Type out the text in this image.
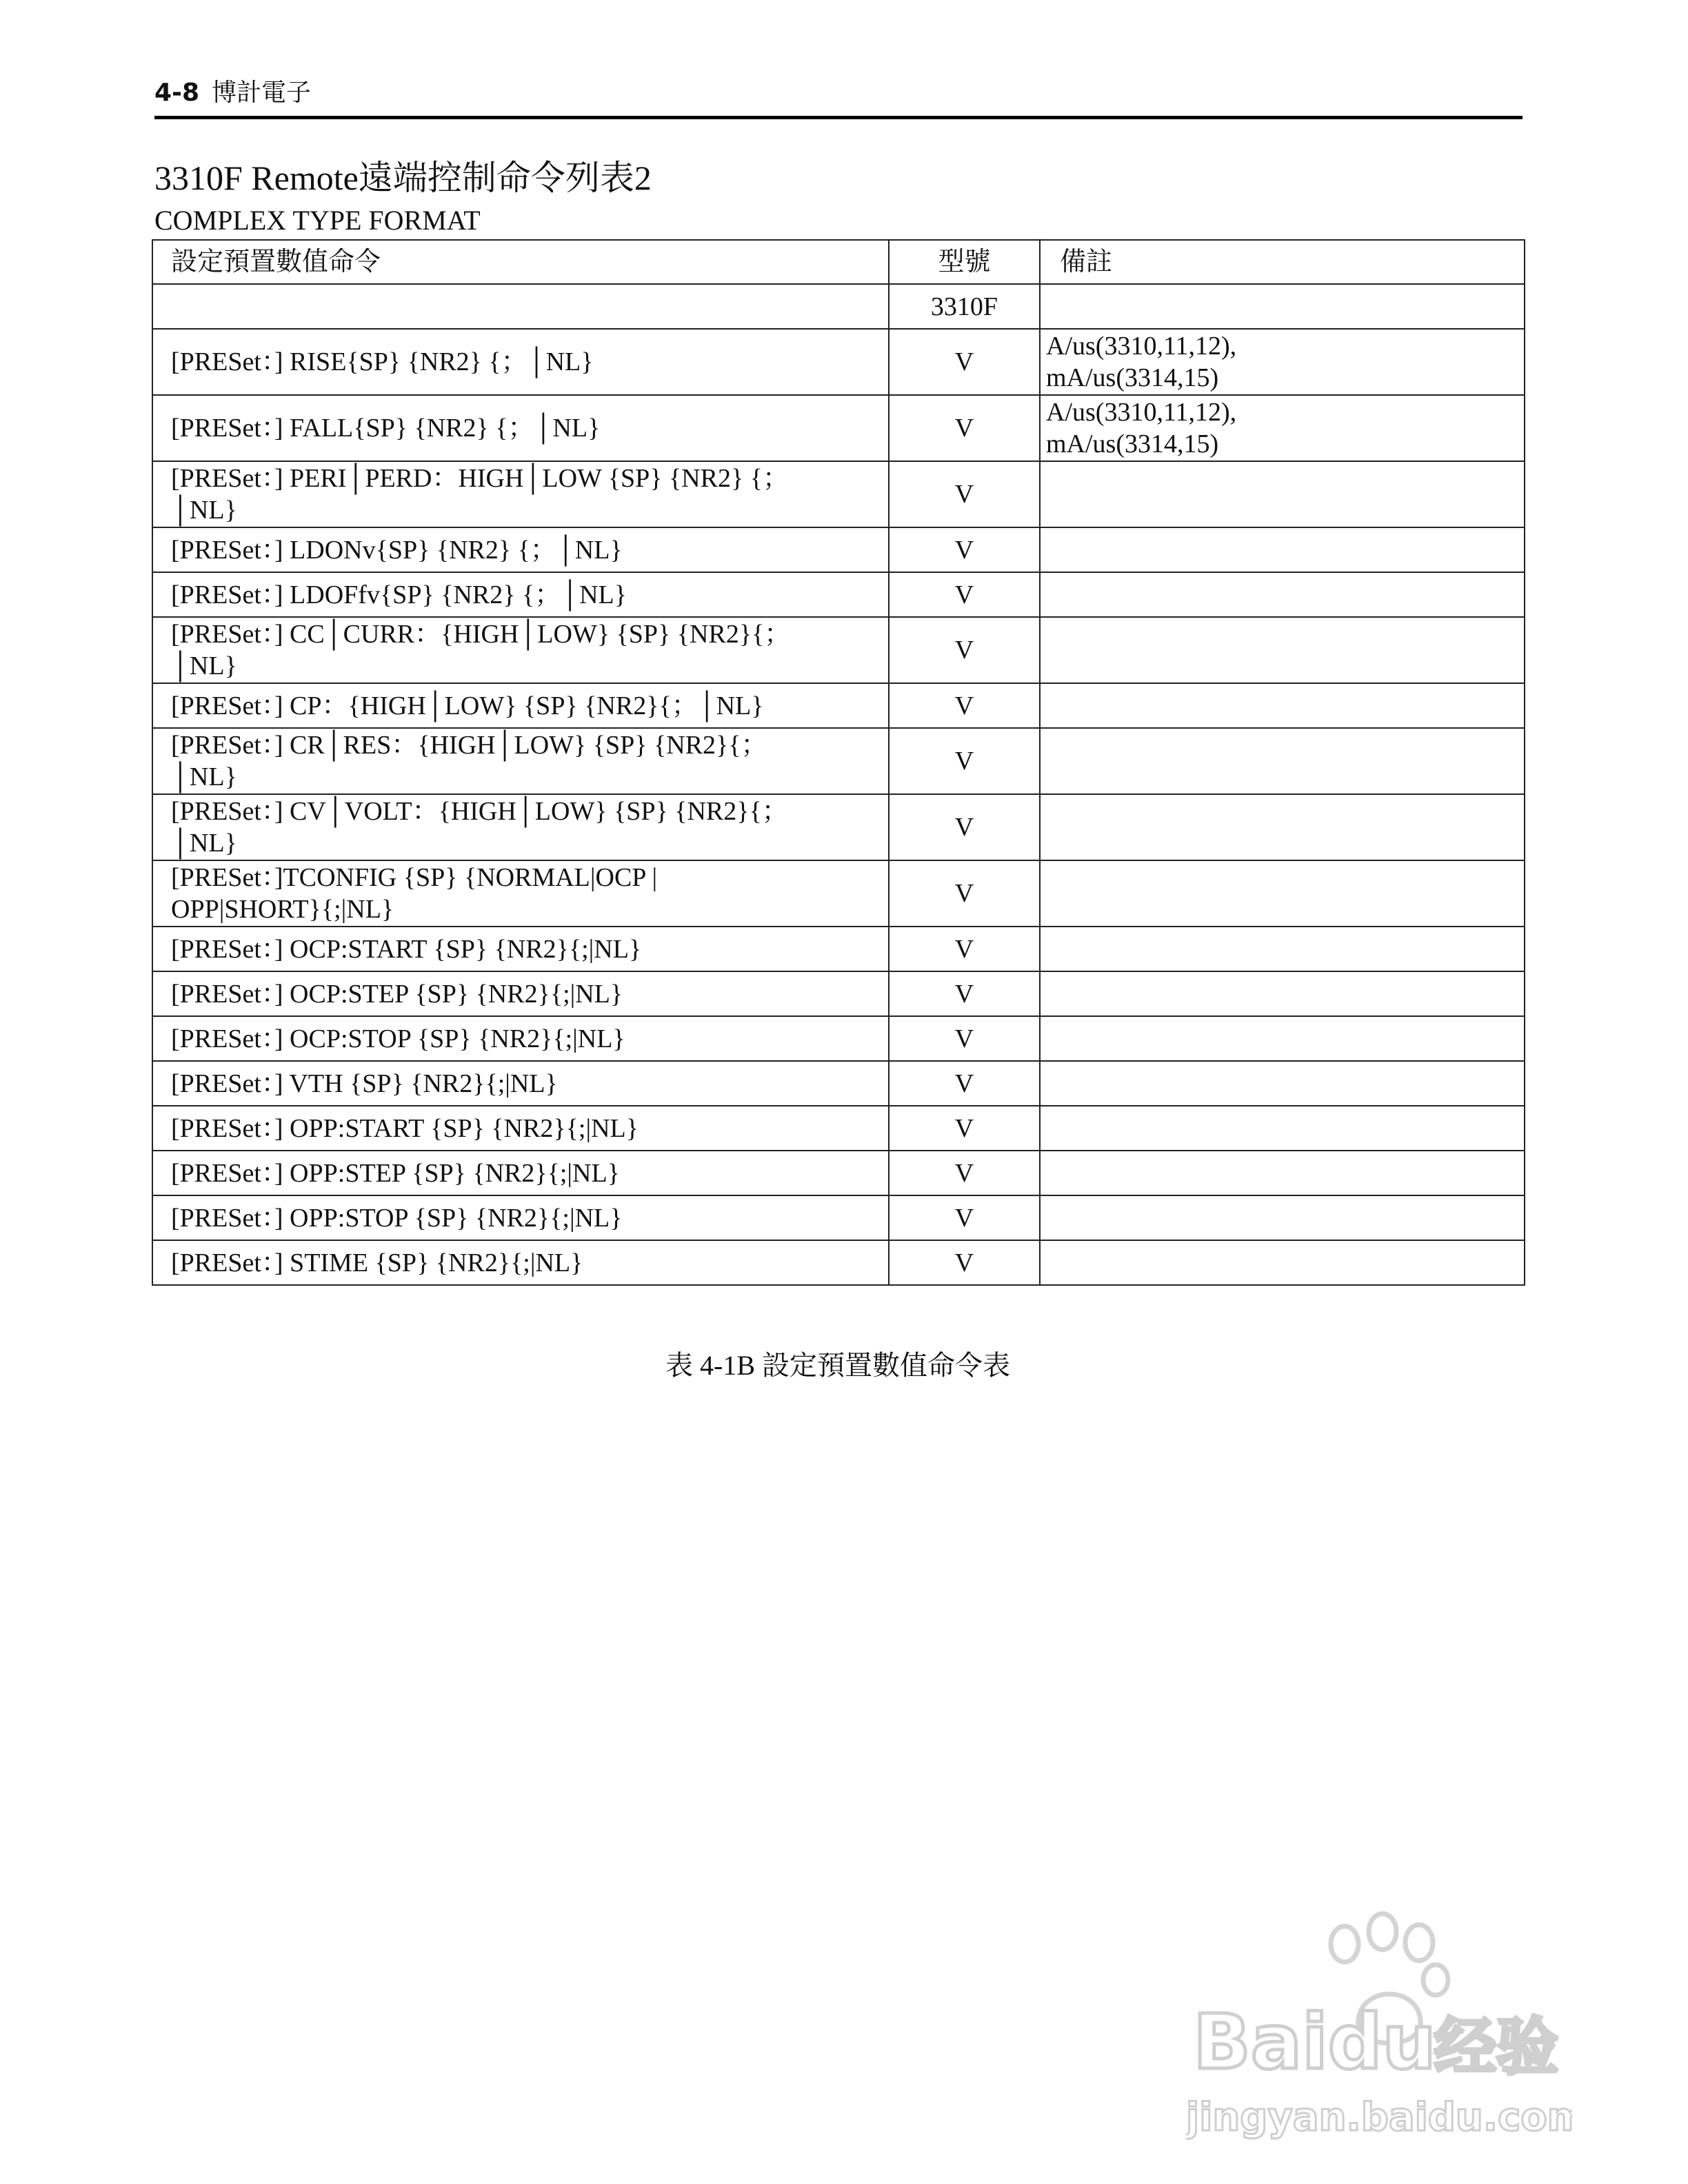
4-8 博計電子
3310F Remote遠端控制命令列表2
COMPLEX TYPE FORMAT
設定預置數值命令	型號	備註
	3310F	
[PRESet：] RISE{SP} {NR2} {；│NL}	V	A/us(3310,11,12),
mA/us(3314,15)
[PRESet：] FALL{SP} {NR2} {；│NL}	V	A/us(3310,11,12),
mA/us(3314,15)
[PRESet：] PERI│PERD：HIGH│LOW {SP} {NR2} {；
│NL}	V	
[PRESet：] LDONv{SP} {NR2} {；│NL}	V	
[PRESet：] LDOFfv{SP} {NR2} {；│NL}	V	
[PRESet：] CC│CURR：{HIGH│LOW} {SP} {NR2}{；
│NL}	V	
[PRESet：] CP：{HIGH│LOW} {SP} {NR2}{；│NL}	V	
[PRESet：] CR│RES：{HIGH│LOW} {SP} {NR2}{；
│NL}	V	
[PRESet：] CV│VOLT：{HIGH│LOW} {SP} {NR2}{；
│NL}	V	
[PRESet：]TCONFIG {SP} {NORMAL|OCP |
OPP|SHORT}{;|NL}	V	
[PRESet：] OCP:START {SP} {NR2}{;|NL}	V	
[PRESet：] OCP:STEP {SP} {NR2}{;|NL}	V	
[PRESet：] OCP:STOP {SP} {NR2}{;|NL}	V	
[PRESet：] VTH {SP} {NR2}{;|NL}	V	
[PRESet：] OPP:START {SP} {NR2}{;|NL}	V	
[PRESet：] OPP:STEP {SP} {NR2}{;|NL}	V	
[PRESet：] OPP:STOP {SP} {NR2}{;|NL}	V	
[PRESet：] STIME {SP} {NR2}{;|NL}	V	
表 4-1B 設定預置數值命令表
Baidu
经验
jingyan.baidu.com
